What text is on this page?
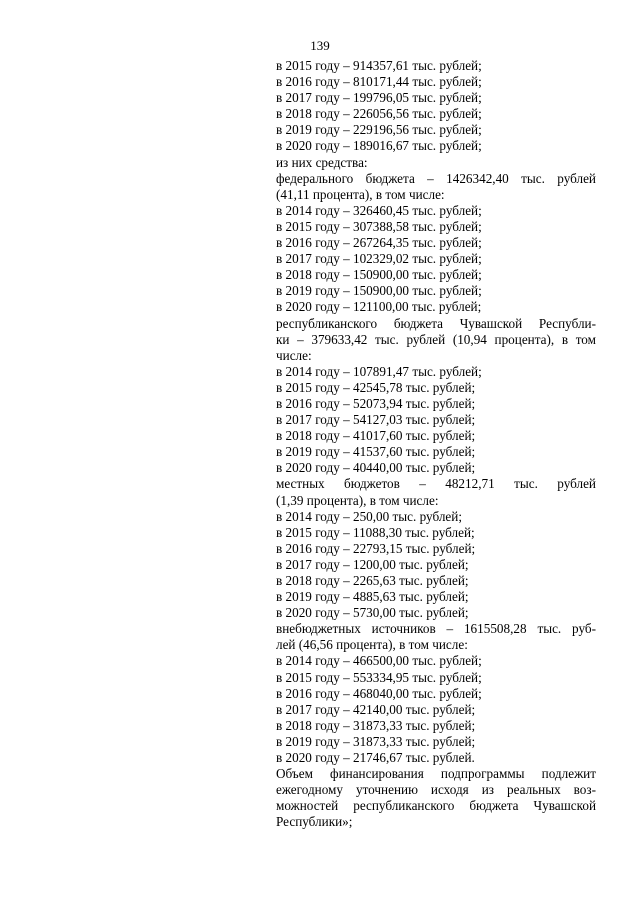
139
в 2015 году – 914357,61 тыс. рублей;
в 2016 году – 810171,44 тыс. рублей;
в 2017 году – 199796,05 тыс. рублей;
в 2018 году – 226056,56 тыс. рублей;
в 2019 году – 229196,56 тыс. рублей;
в 2020 году – 189016,67 тыс. рублей;
из них средства:
федерального бюджета – 1426342,40 тыс. рублей
(41,11 процента), в том числе:
в 2014 году – 326460,45 тыс. рублей;
в 2015 году – 307388,58 тыс. рублей;
в 2016 году – 267264,35 тыс. рублей;
в 2017 году – 102329,02 тыс. рублей;
в 2018 году – 150900,00 тыс. рублей;
в 2019 году – 150900,00 тыс. рублей;
в 2020 году – 121100,00 тыс. рублей;
республиканского бюджета Чувашской Республи-
ки – 379633,42 тыс. рублей (10,94 процента), в том
числе:
в 2014 году – 107891,47 тыс. рублей;
в 2015 году – 42545,78 тыс. рублей;
в 2016 году – 52073,94 тыс. рублей;
в 2017 году – 54127,03 тыс. рублей;
в 2018 году – 41017,60 тыс. рублей;
в 2019 году – 41537,60 тыс. рублей;
в 2020 году – 40440,00 тыс. рублей;
местных бюджетов – 48212,71 тыс. рублей
(1,39 процента), в том числе:
в 2014 году – 250,00 тыс. рублей;
в 2015 году – 11088,30 тыс. рублей;
в 2016 году – 22793,15 тыс. рублей;
в 2017 году – 1200,00 тыс. рублей;
в 2018 году – 2265,63 тыс. рублей;
в 2019 году – 4885,63 тыс. рублей;
в 2020 году – 5730,00 тыс. рублей;
внебюджетных источников – 1615508,28 тыс. руб-
лей (46,56 процента), в том числе:
в 2014 году – 466500,00 тыс. рублей;
в 2015 году – 553334,95 тыс. рублей;
в 2016 году – 468040,00 тыс. рублей;
в 2017 году – 42140,00 тыс. рублей;
в 2018 году – 31873,33 тыс. рублей;
в 2019 году – 31873,33 тыс. рублей;
в 2020 году – 21746,67 тыс. рублей.
Объем финансирования подпрограммы подлежит
ежегодному уточнению исходя из реальных воз-
можностей республиканского бюджета Чувашской
Республики»;
